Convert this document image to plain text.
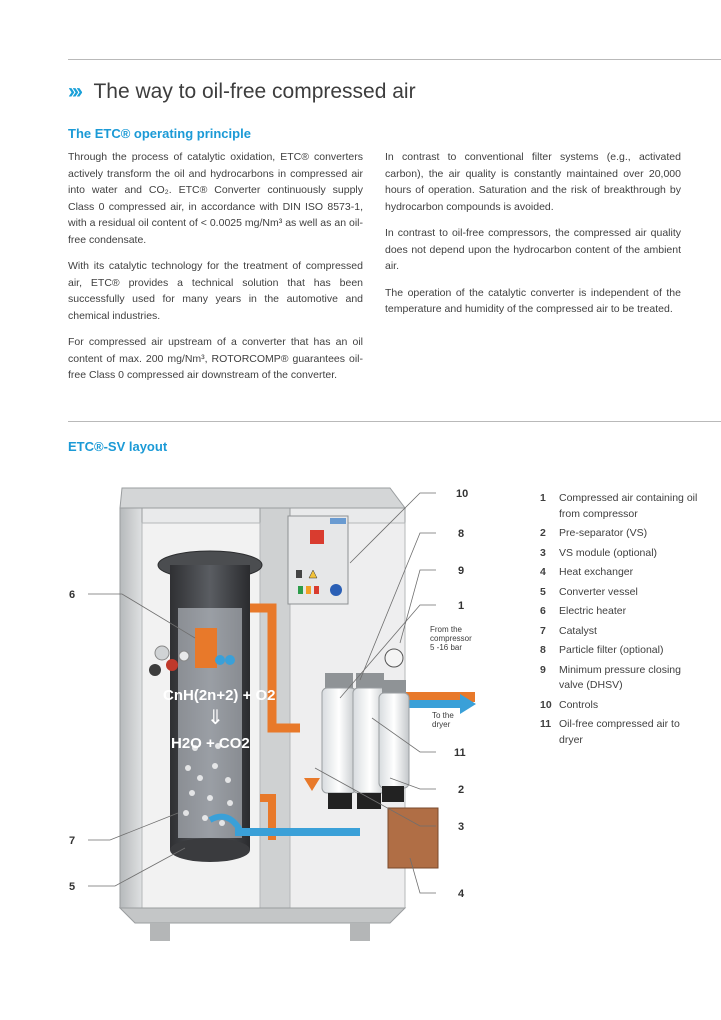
››› The way to oil-free compressed air
The ETC® operating principle

Through the process of catalytic oxidation, ETC® converters actively transform the oil and hydrocarbons in compressed air into water and CO₂. ETC® Converter continuously supply Class 0 compressed air, in accordance with DIN ISO 8573-1, with a residual oil content of < 0.0025 mg/Nm³ as well as an oil-free condensate.

With its catalytic technology for the treatment of compressed air, ETC® provides a technical solution that has been successfully used for many years in the automotive and chemical industries.

For compressed air upstream of a converter that has an oil content of max. 200 mg/Nm³, ROTORCOMP® guarantees oil-free Class 0 compressed air downstream of the converter.

In contrast to conventional filter systems (e.g., activated carbon), the air quality is constantly maintained over 20,000 hours of operation. Saturation and the risk of breakthrough by hydrocarbon compounds is avoided.

In contrast to oil-free compressors, the compressed air quality does not depend upon the hydrocarbon content of the ambient air.

The operation of the catalytic converter is independent of the temperature and humidity of the compressed air to be treated.

ETC®-SV layout
CnH(2n+2) + O2
⇓
H2O + CO2
From the compressor 5 -16 bar
To the dryer
6
7
5
10
8
9
1
11
2
3
4
1	Compressed air containing oil from compressor
2	Pre-separator (VS)
3	VS module (optional)
4	Heat exchanger
5	Converter vessel
6	Electric heater
7	Catalyst
8	Particle filter (optional)
9	Minimum pressure closing valve (DHSV)
10 Controls
11 Oil-free compressed air to dryer
